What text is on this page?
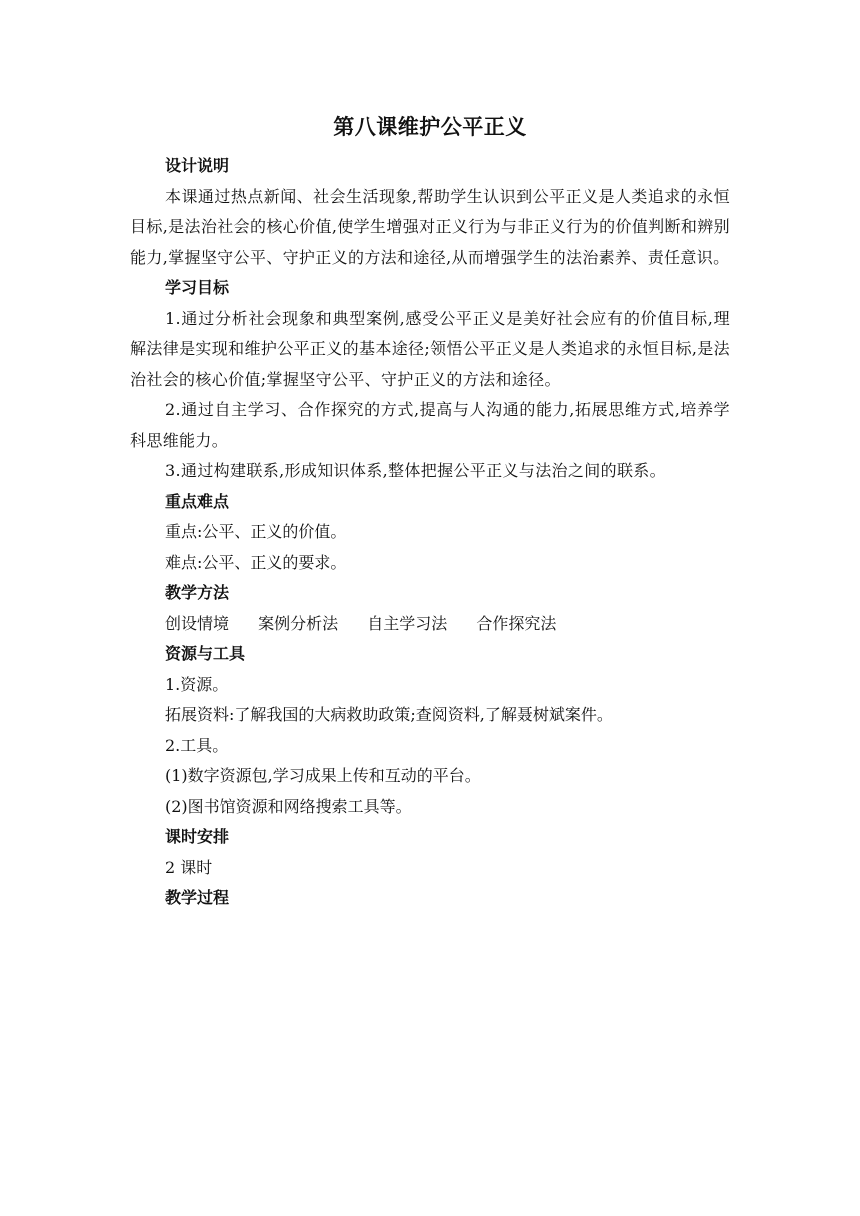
第八课维护公平正义

设计说明

本课通过热点新闻、社会生活现象,帮助学生认识到公平正义是人类追求的永恒目标,是法治社会的核心价值,使学生增强对正义行为与非正义行为的价值判断和辨别能力,掌握坚守公平、守护正义的方法和途径,从而增强学生的法治素养、责任意识。

学习目标

1.通过分析社会现象和典型案例,感受公平正义是美好社会应有的价值目标,理解法律是实现和维护公平正义的基本途径;领悟公平正义是人类追求的永恒目标,是法治社会的核心价值;掌握坚守公平、守护正义的方法和途径。

2.通过自主学习、合作探究的方式,提高与人沟通的能力,拓展思维方式,培养学科思维能力。

3.通过构建联系,形成知识体系,整体把握公平正义与法治之间的联系。

重点难点

重点:公平、正义的价值。

难点:公平、正义的要求。

教学方法

创设情境 案例分析法 自主学习法 合作探究法

资源与工具

1.资源。

拓展资料:了解我国的大病救助政策;查阅资料,了解聂树斌案件。

2.工具。

(1)数字资源包,学习成果上传和互动的平台。

(2)图书馆资源和网络搜索工具等。

课时安排

2 课时

教学过程
